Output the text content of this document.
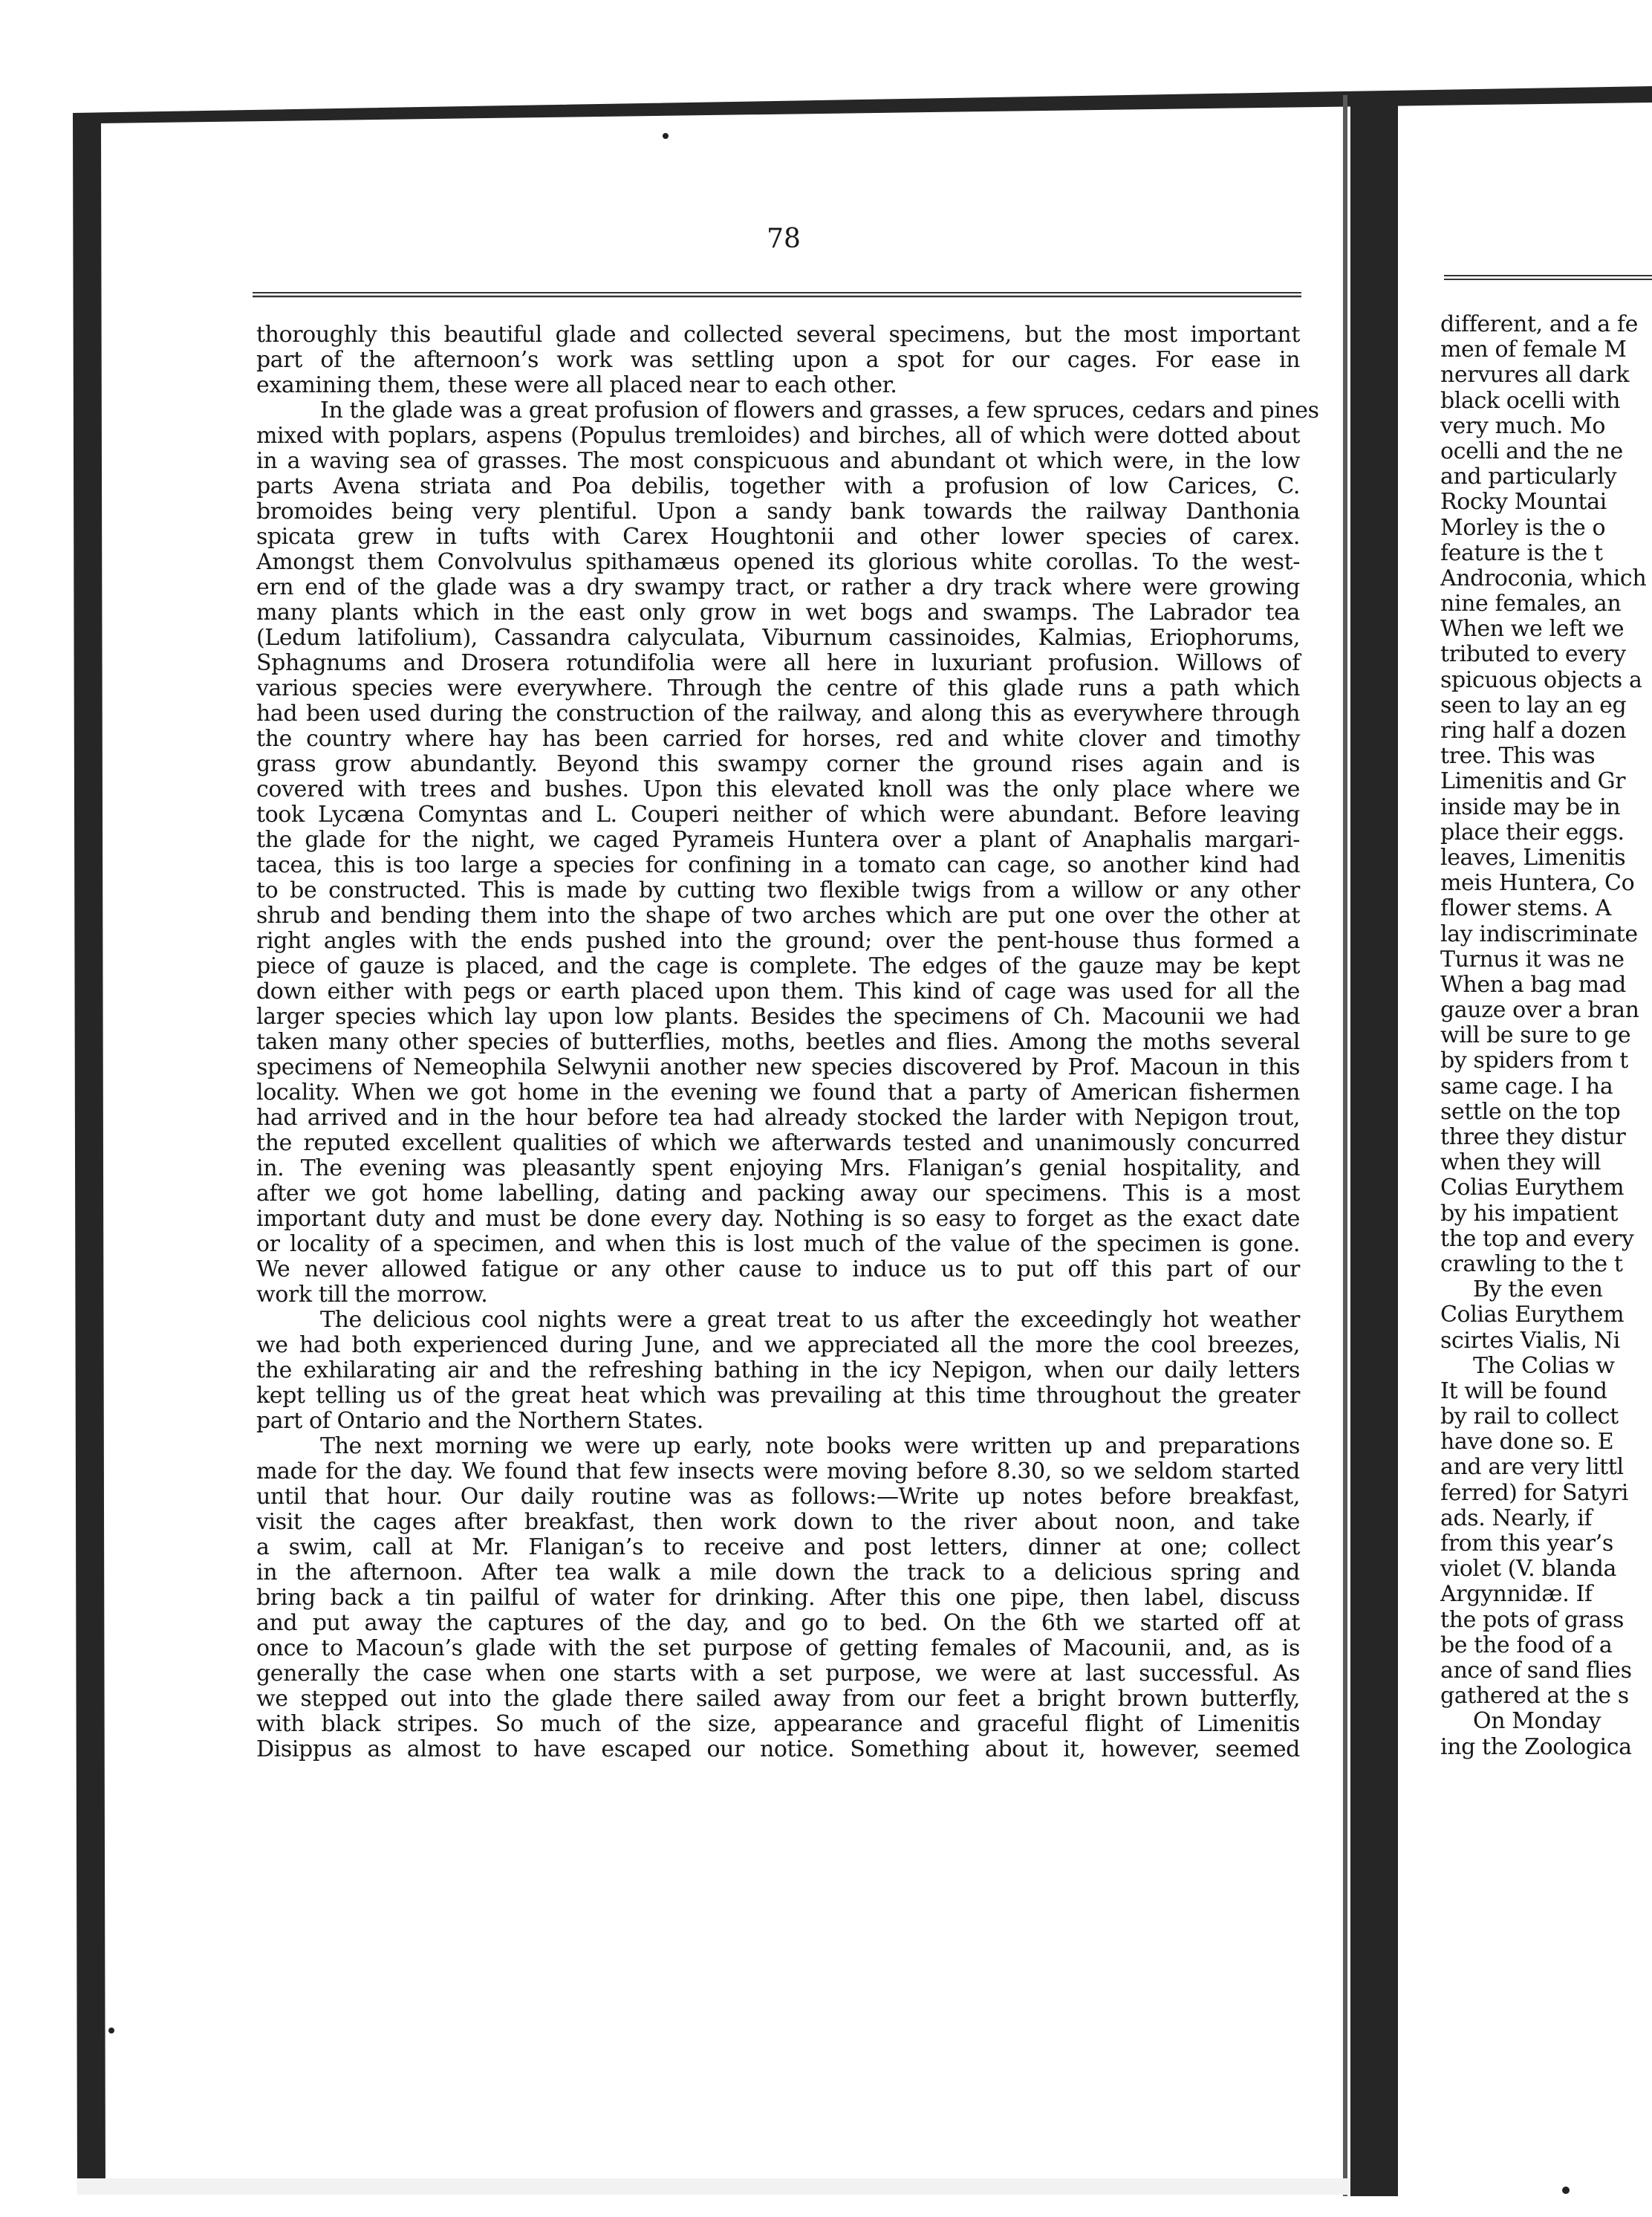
78
thoroughly this beautiful glade and collected several specimens, but the most important
part of the afternoon’s work was settling upon a spot for our cages. For ease in
examining them, these were all placed near to each other.
In the glade was a great profusion of flowers and grasses, a few spruces, cedars and pines
mixed with poplars, aspens (Populus tremloides) and birches, all of which were dotted about
in a waving sea of grasses. The most conspicuous and abundant ot which were, in the low
parts Avena striata and Poa debilis, together with a profusion of low Carices, C.
bromoides being very plentiful. Upon a sandy bank towards the railway Danthonia
spicata grew in tufts with Carex Houghtonii and other lower species of carex.
Amongst them Convolvulus spithamæus opened its glorious white corollas. To the west-
ern end of the glade was a dry swampy tract, or rather a dry track where were growing
many plants which in the east only grow in wet bogs and swamps. The Labrador tea
(Ledum latifolium), Cassandra calyculata, Viburnum cassinoides, Kalmias, Eriophorums,
Sphagnums and Drosera rotundifolia were all here in luxuriant profusion. Willows of
various species were everywhere. Through the centre of this glade runs a path which
had been used during the construction of the railway, and along this as everywhere through
the country where hay has been carried for horses, red and white clover and timothy
grass grow abundantly. Beyond this swampy corner the ground rises again and is
covered with trees and bushes. Upon this elevated knoll was the only place where we
took Lycæna Comyntas and L. Couperi neither of which were abundant. Before leaving
the glade for the night, we caged Pyrameis Huntera over a plant of Anaphalis margari-
tacea, this is too large a species for confining in a tomato can cage, so another kind had
to be constructed. This is made by cutting two flexible twigs from a willow or any other
shrub and bending them into the shape of two arches which are put one over the other at
right angles with the ends pushed into the ground; over the pent-house thus formed a
piece of gauze is placed, and the cage is complete. The edges of the gauze may be kept
down either with pegs or earth placed upon them. This kind of cage was used for all the
larger species which lay upon low plants. Besides the specimens of Ch. Macounii we had
taken many other species of butterflies, moths, beetles and flies. Among the moths several
specimens of Nemeophila Selwynii another new species discovered by Prof. Macoun in this
locality. When we got home in the evening we found that a party of American fishermen
had arrived and in the hour before tea had already stocked the larder with Nepigon trout,
the reputed excellent qualities of which we afterwards tested and unanimously concurred
in. The evening was pleasantly spent enjoying Mrs. Flanigan’s genial hospitality, and
after we got home labelling, dating and packing away our specimens. This is a most
important duty and must be done every day. Nothing is so easy to forget as the exact date
or locality of a specimen, and when this is lost much of the value of the specimen is gone.
We never allowed fatigue or any other cause to induce us to put off this part of our
work till the morrow.
The delicious cool nights were a great treat to us after the exceedingly hot weather
we had both experienced during June, and we appreciated all the more the cool breezes,
the exhilarating air and the refreshing bathing in the icy Nepigon, when our daily letters
kept telling us of the great heat which was prevailing at this time throughout the greater
part of Ontario and the Northern States.
The next morning we were up early, note books were written up and preparations
made for the day. We found that few insects were moving before 8.30, so we seldom started
until that hour. Our daily routine was as follows:—Write up notes before breakfast,
visit the cages after breakfast, then work down to the river about noon, and take
a swim, call at Mr. Flanigan’s to receive and post letters, dinner at one; collect
in the afternoon. After tea walk a mile down the track to a delicious spring and
bring back a tin pailful of water for drinking. After this one pipe, then label, discuss
and put away the captures of the day, and go to bed. On the 6th we started off at
once to Macoun’s glade with the set purpose of getting females of Macounii, and, as is
generally the case when one starts with a set purpose, we were at last successful. As
we stepped out into the glade there sailed away from our feet a bright brown butterfly,
with black stripes. So much of the size, appearance and graceful flight of Limenitis
Disippus as almost to have escaped our notice. Something about it, however, seemed
different, and a fe
men of female M
nervures all dark
black ocelli with
very much. Mo
ocelli and the ne
and particularly
Rocky Mountai
Morley is the o
feature is the t
Androconia, which
nine females, an
When we left we
tributed to every
spicuous objects a
seen to lay an eg
ring half a dozen
tree. This was
Limenitis and Gr
inside may be in
place their eggs.
leaves, Limenitis
meis Huntera, Co
flower stems. A
lay indiscriminate
Turnus it was ne
When a bag mad
gauze over a bran
will be sure to ge
by spiders from t
same cage. I ha
settle on the top
three they distur
when they will
Colias Eurythem
by his impatient
the top and every
crawling to the t
By the even
Colias Eurythem
scirtes Vialis, Ni
The Colias w
It will be found
by rail to collect
have done so. E
and are very littl
ferred) for Satyri
ads. Nearly, if
from this year’s
violet (V. blanda
Argynnidæ. If
the pots of grass
be the food of a
ance of sand flies
gathered at the s
On Monday
ing the Zoologica
